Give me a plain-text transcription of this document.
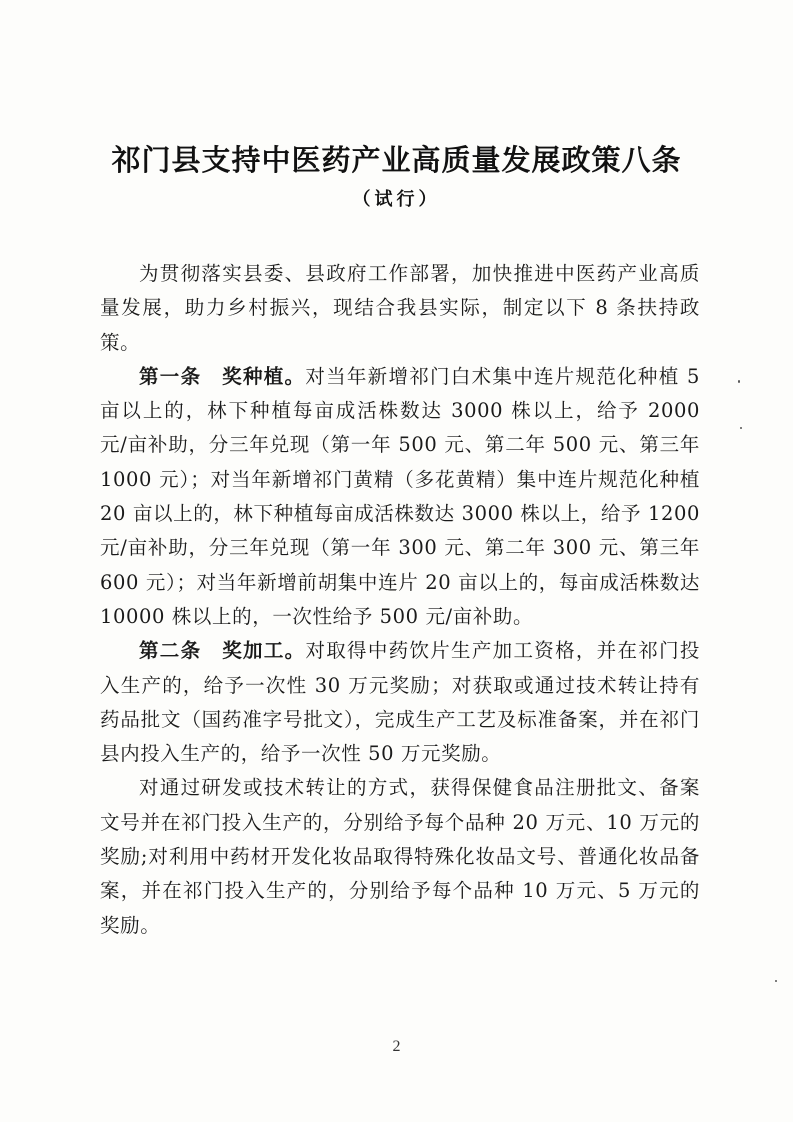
祁门县支持中医药产业高质量发展政策八条
（试行）

为贯彻落实县委、县政府工作部署，加快推进中医药产业高质量发展，助力乡村振兴，现结合我县实际，制定以下 8 条扶持政策。

第一条　奖种植。对当年新增祁门白术集中连片规范化种植 5 亩以上的，林下种植每亩成活株数达 3000 株以上，给予 2000 元/亩补助，分三年兑现（第一年 500 元、第二年 500 元、第三年 1000 元）；对当年新增祁门黄精（多花黄精）集中连片规范化种植 20 亩以上的，林下种植每亩成活株数达 3000 株以上，给予 1200 元/亩补助，分三年兑现（第一年 300 元、第二年 300 元、第三年 600 元）；对当年新增前胡集中连片 20 亩以上的，每亩成活株数达 10000 株以上的，一次性给予 500 元/亩补助。

第二条　奖加工。对取得中药饮片生产加工资格，并在祁门投入生产的，给予一次性 30 万元奖励；对获取或通过技术转让持有药品批文（国药准字号批文），完成生产工艺及标准备案，并在祁门县内投入生产的，给予一次性 50 万元奖励。

对通过研发或技术转让的方式，获得保健食品注册批文、备案文号并在祁门投入生产的，分别给予每个品种 20 万元、10 万元的奖励;对利用中药材开发化妆品取得特殊化妆品文号、普通化妆品备案，并在祁门投入生产的，分别给予每个品种 10 万元、5 万元的奖励。

2
